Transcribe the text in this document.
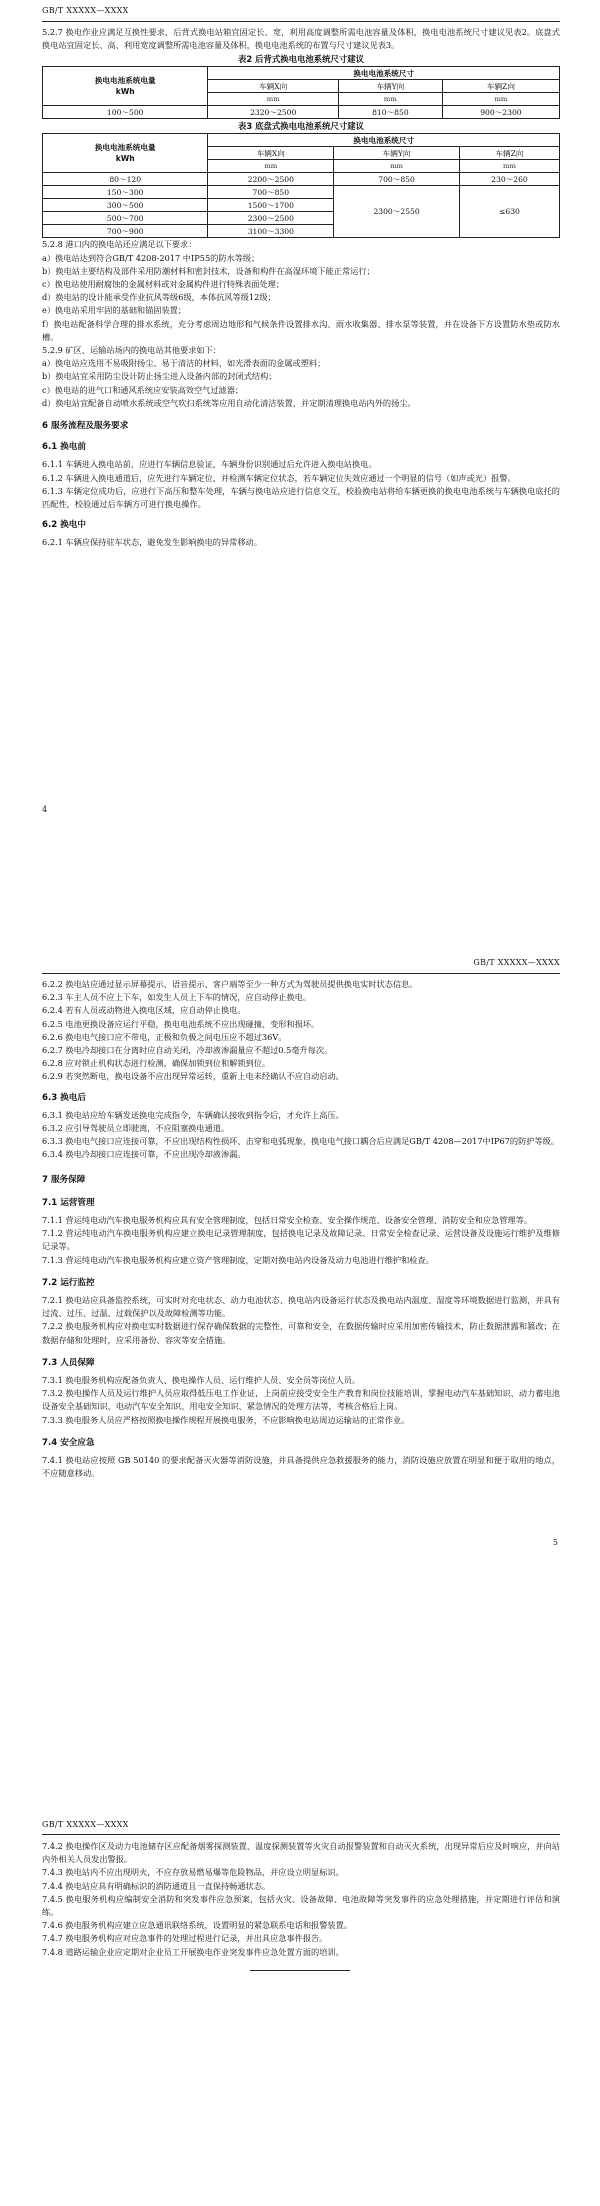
GB/T XXXXX—XXXX

5.2.7 换电作业应满足互换性要求，后背式换电站箱宜固定长、宽，利用高度调整所需电池容量及体积，换电电池系统尺寸建议见表2。底盘式换电站宜固定长、高，利用宽度调整所需电池容量及体积，换电电池系统的布置与尺寸建议见表3。

表2 后背式换电电池系统尺寸建议

换电电池系统电量
kWh	换电电池系统尺寸		
	车辆X向	车辆Y向	车辆Z向
	mm	mm	mm
100～500	2320～2500	810～850	900～2300

表3 底盘式换电电池系统尺寸建议

换电电池系统电量
kWh	换电电池系统尺寸		
	车辆X向	车辆Y向	车辆Z向
	mm	mm	mm
80～120	2200～2500	700～850	230～260
150～300	700～850	2300～2550	≤630
300～500	1500～1700		
500～700	2300～2500		
700～900	3100～3300		

5.2.8 港口内的换电站还应满足以下要求：

a）换电站达到符合GB/T 4208-2017 中IP55的防水等级；

b）换电站主要结构及部件采用防潮材料和密封技术，设备和构件在高湿环境下能正常运行；

c）换电站使用耐腐蚀的金属材料或对金属构件进行特殊表面处理；

d）换电站的设计能承受作业抗风等级6级，本体抗风等级12级；

e）换电站采用牢固的基础和锚固装置；

f）换电站配备科学合理的排水系统，充分考虑周边地形和气候条件设置排水沟、雨水收集器、排水泵等装置，并在设备下方设置防水垫或防水槽。

5.2.9 矿区、运输站场内的换电站其他要求如下：

a）换电站应选用不易吸附扬尘、易于清洁的材料，如光滑表面的金属或塑料；

b）换电站宜采用防尘设计防止扬尘进入设备内部的封闭式结构；

c）换电站的进气口和通风系统应安装高效空气过滤器；

d）换电站宜配备自动喷水系统或空气吹扫系统等应用自动化清洁装置，并定期清理换电站内外的扬尘。

6 服务流程及服务要求

6.1 换电前

6.1.1 车辆进入换电站前，应进行车辆信息验证，车辆身份识别通过后允许进入换电站换电。

6.1.2 车辆进入换电通道后，应先进行车辆定位，并检测车辆定位状态，若车辆定位失效应通过一个明显的信号（如声或光）报警。

6.1.3 车辆定位成功后，应进行下高压和整车处理，车辆与换电站应进行信息交互，校验换电站将给车辆更换的换电电池系统与车辆换电底托的匹配性，校验通过后车辆方可进行换电操作。

6.2 换电中

6.2.1 车辆应保持驻车状态，避免发生影响换电的异常移动。

4
GB/T XXXXX—XXXX

6.2.2 换电站应通过显示屏幕提示、语音提示、客户端等至少一种方式为驾驶员提供换电实时状态信息。

6.2.3 车主人员不应上下车，如发生人员上下车的情况，应自动停止换电。

6.2.4 若有人员或动物进入换电区域，应自动停止换电。

6.2.5 电池更换设备应运行平稳，换电电池系统不应出现碰撞、变形和损坏。

6.2.6 换电电气接口应不带电，正极和负极之间电压应不超过36V。

6.2.7 换电冷却接口在分离时应自动关闭，冷却液渗漏量应不超过0.5毫升每次。

6.2.8 应对锁止机构状态进行检测，确保加锁到位和解锁到位。

6.2.9 若突然断电，换电设备不应出现异常运转，重新上电未经确认不应自动启动。

6.3 换电后

6.3.1 换电站应给车辆发送换电完成指令，车辆确认接收到指令后，才允许上高压。

6.3.2 应引导驾驶员立即驶离，不应阻塞换电通道。

6.3.3 换电电气接口应连接可靠，不应出现结构性损坏、击穿和电弧现象，换电电气接口耦合后应满足GB/T 4208—2017中IP67的防护等级。

6.3.4 换电冷却接口应连接可靠，不应出现冷却液渗漏。

7 服务保障

7.1 运营管理

7.1.1 营运纯电动汽车换电服务机构应具有安全管理制度，包括日常安全检查、安全操作规范、设备安全管理、消防安全和应急管理等。

7.1.2 营运纯电动汽车换电服务机构应建立换电记录管理制度，包括换电记录及故障记录、日常安全检查记录、运营设备及设施运行维护及维修记录等。

7.1.3 营运纯电动汽车换电服务机构应建立资产管理制度，定期对换电站内设备及动力电池进行维护和检查。

7.2 运行监控

7.2.1 换电站应具备监控系统，可实时对充电状态、动力电池状态、换电站内设备运行状态及换电站内温度、湿度等环境数据进行监测，并具有过流、过压、过温、过载保护以及故障检测等功能。

7.2.2 换电服务机构应对换电实时数据进行保存确保数据的完整性、可靠和安全，在数据传输时应采用加密传输技术，防止数据泄露和篡改；在数据存储和处理时，应采用备份、容灾等安全措施。

7.3 人员保障

7.3.1 换电服务机构应配备负责人、换电操作人员、运行维护人员、安全员等岗位人员。

7.3.2 换电操作人员及运行维护人员应取得低压电工作业证，上岗前应接受安全生产教育和岗位技能培训，掌握电动汽车基础知识、动力蓄电池设备安全基础知识、电动汽车安全知识、用电安全知识、紧急情况的处理方法等，考核合格后上岗。

7.3.3 换电服务人员应严格按照换电操作规程开展换电服务，不应影响换电站周边运输站的正常作业。

7.4 安全应急

7.4.1 换电站应按照 GB 50140 的要求配备灭火器等消防设施，并具备提供应急救援服务的能力，消防设施应放置在明显和便于取用的地点，不应随意移动。

5
GB/T XXXXX—XXXX

7.4.2 换电操作区及动力电池储存区应配备烟雾探测装置、温度探测装置等火灾自动报警装置和自动灭火系统，出现异常后应及时响应，并向站内外相关人员发出警报。

7.4.3 换电站内不应出现明火，不应存放易燃易爆等危险物品，并应设立明显标识。

7.4.4 换电站应具有明确标识的消防通道且一直保持畅通状态。

7.4.5 换电服务机构应编制安全消防和突发事件应急预案，包括火灾、设备故障、电池故障等突发事件的应急处理措施，并定期进行评估和演练。

7.4.6 换电服务机构应建立应急通讯联络系统，设置明显的紧急联系电话和报警装置。

7.4.7 换电服务机构应对应急事件的处理过程进行记录，并出具应急事件报告。

7.4.8 道路运输企业应定期对企业员工开展换电作业突发事件应急处置方面的培训。
